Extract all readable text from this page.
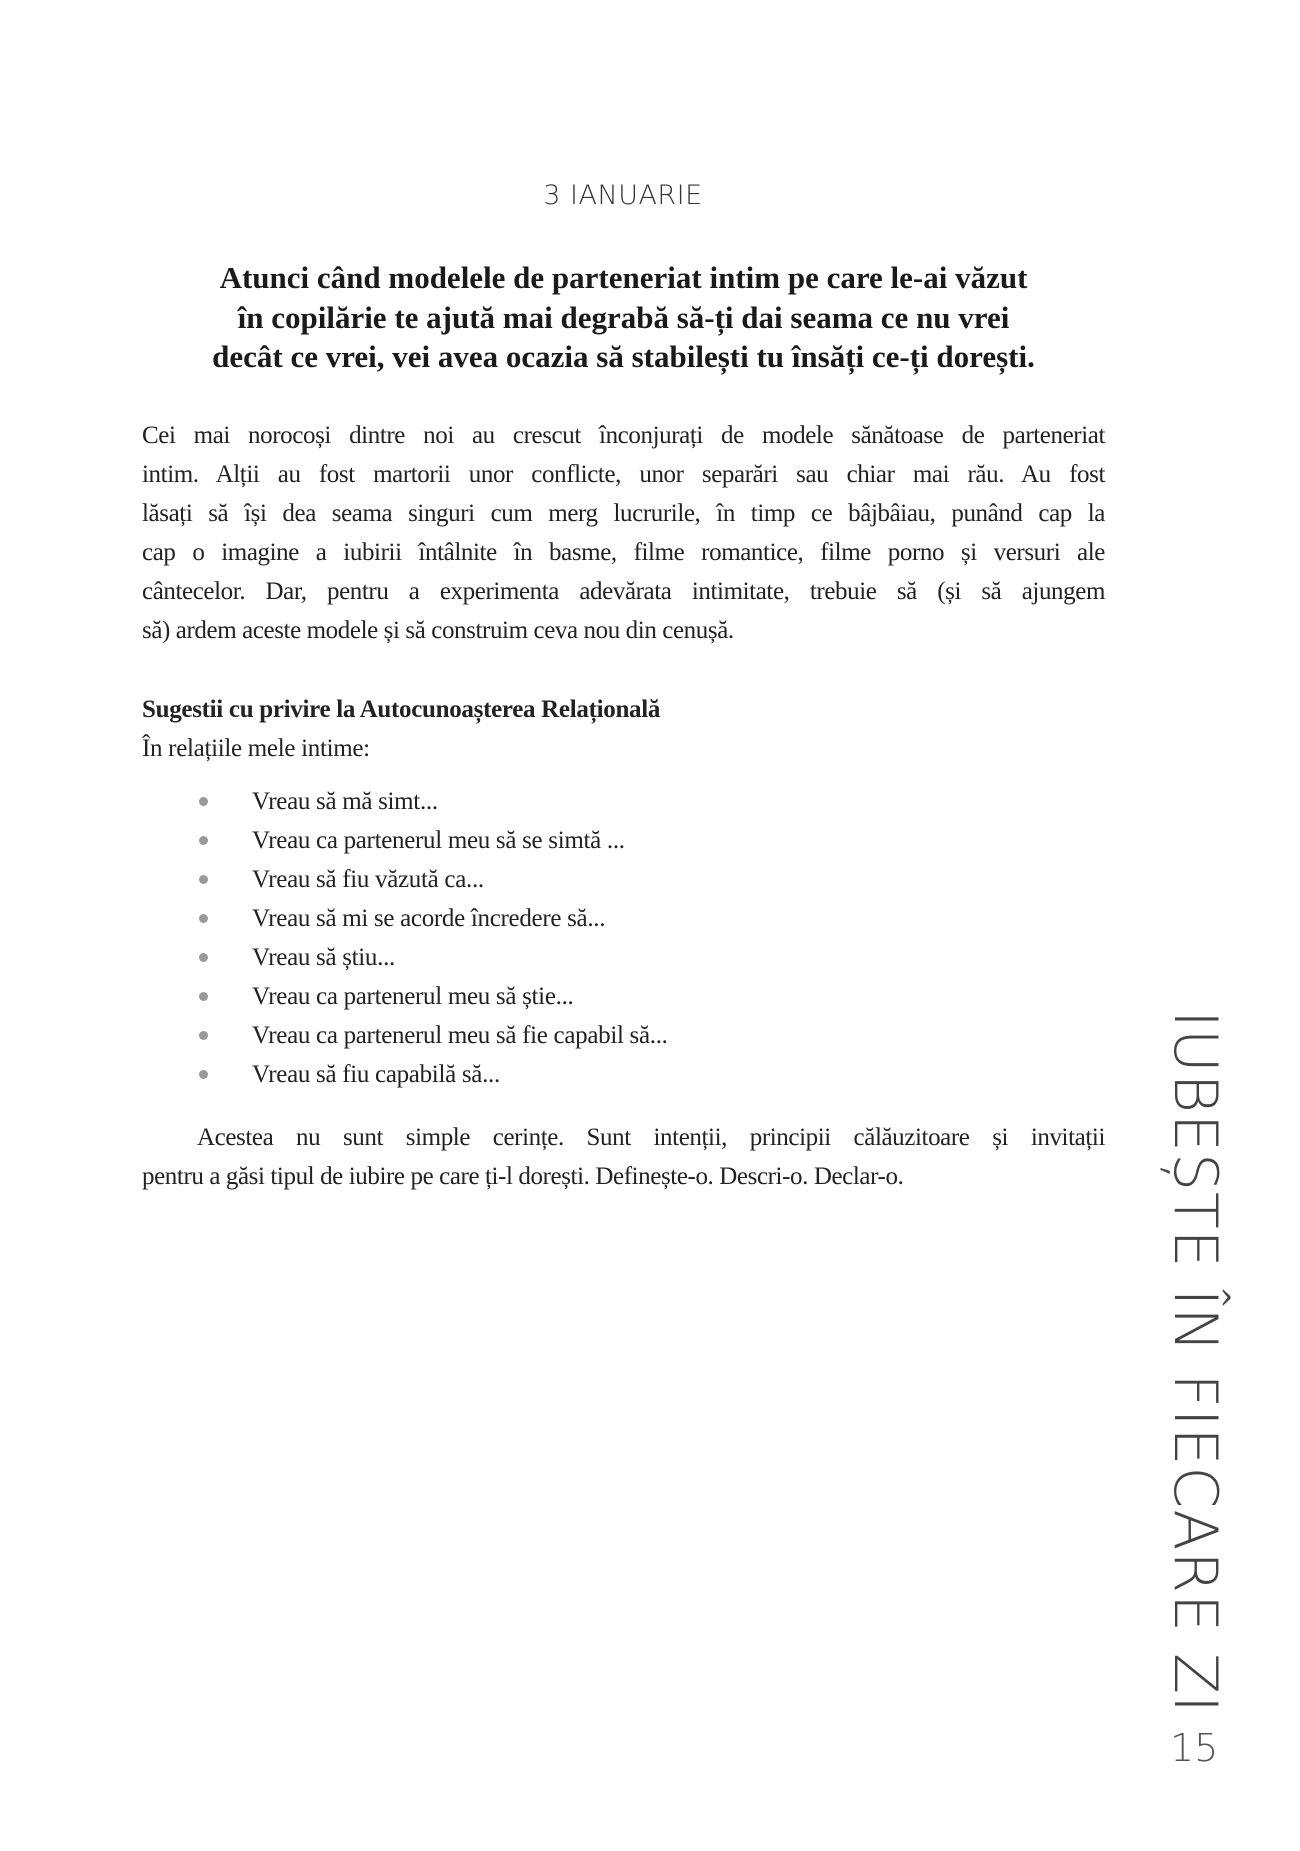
3 IANUARIE
Atunci când modelele de parteneriat intim pe care le-ai văzut
în copilărie te ajută mai degrabă să-ți dai seama ce nu vrei
decât ce vrei, vei avea ocazia să stabilești tu însăți ce-ți dorești.
Cei mai norocoși dintre noi au crescut înconjurați de modele sănătoase de parteneriat
intim. Alții au fost martorii unor conflicte, unor separări sau chiar mai rău. Au fost
lăsați să își dea seama singuri cum merg lucrurile, în timp ce bâjbâiau, punând cap la
cap o imagine a iubirii întâlnite în basme, filme romantice, filme porno și versuri ale
cântecelor. Dar, pentru a experimenta adevărata intimitate, trebuie să (și să ajungem
să) ardem aceste modele și să construim ceva nou din cenușă.
Sugestii cu privire la Autocunoașterea Relațională
În relațiile mele intime:
Vreau să mă simt...
Vreau ca partenerul meu să se simtă ...
Vreau să fiu văzută ca...
Vreau să mi se acorde încredere să...
Vreau să știu...
Vreau ca partenerul meu să știe...
Vreau ca partenerul meu să fie capabil să...
Vreau să fiu capabilă să...
Acestea nu sunt simple cerințe. Sunt intenții, principii călăuzitoare și invitații
pentru a găsi tipul de iubire pe care ți-l dorești. Definește-o. Descri-o. Declar-o.	IUBEȘTE ÎN FIECARE ZI
15
